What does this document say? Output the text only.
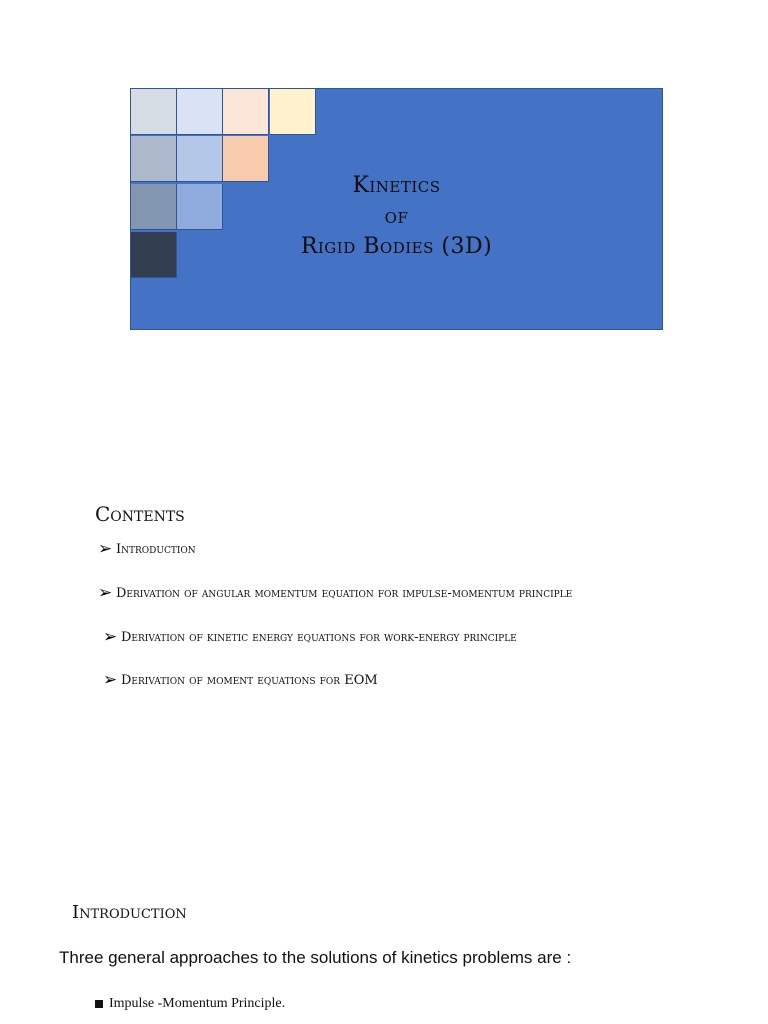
Kinetics
of
Rigid Bodies (3D)
Contents
➢ Introduction
➢ Derivation of angular momentum equation for impulse-momentum principle
➢ Derivation of kinetic energy equations for work-energy principle
➢ Derivation of moment equations for EOM
Introduction
Three general approaches to the solutions of kinetics problems are :
Impulse -Momentum Principle.
